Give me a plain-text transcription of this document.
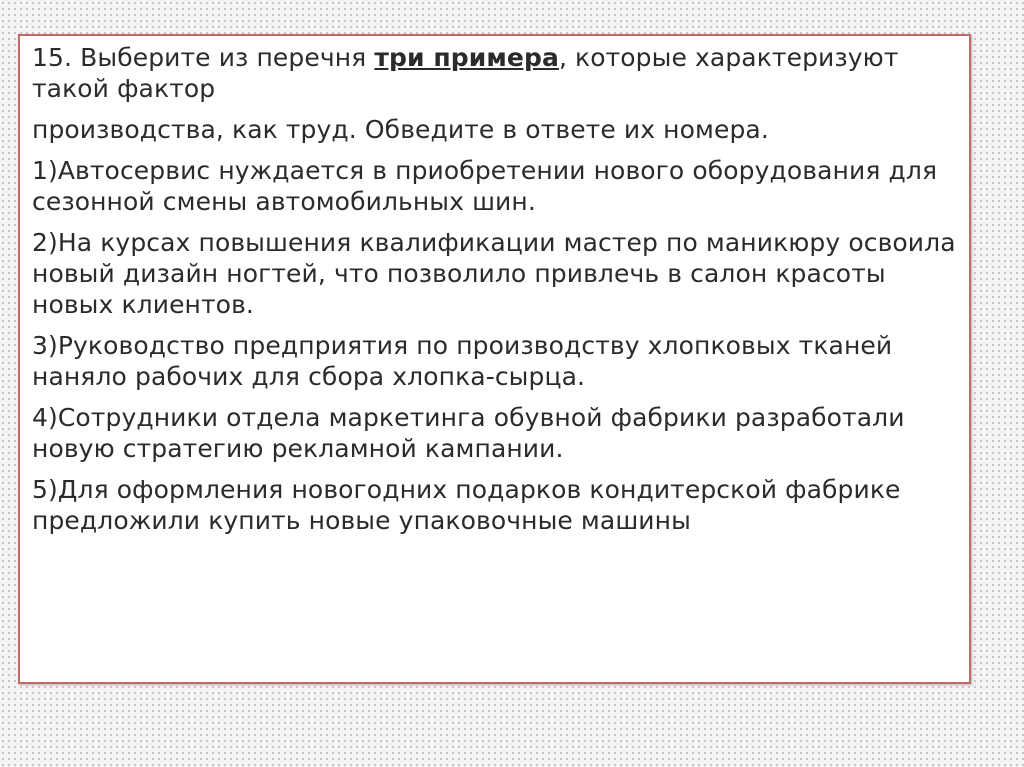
15. Выберите из перечня три примера, которые характеризуют такой фактор

производства, как труд. Обведите в ответе их номера.

1)Автосервис нуждается в приобретении нового оборудования для сезонной смены автомобильных шин.

2)На курсах повышения квалификации мастер по маникюру освоила новый дизайн ногтей, что позволило привлечь в салон красоты новых клиентов.

3)Руководство предприятия по производству хлопковых тканей наняло рабочих для сбора хлопка-сырца.

4)Сотрудники отдела маркетинга обувной фабрики разработали новую стратегию рекламной кампании.

5)Для оформления новогодних подарков кондитерской фабрике предложили купить новые упаковочные машины
